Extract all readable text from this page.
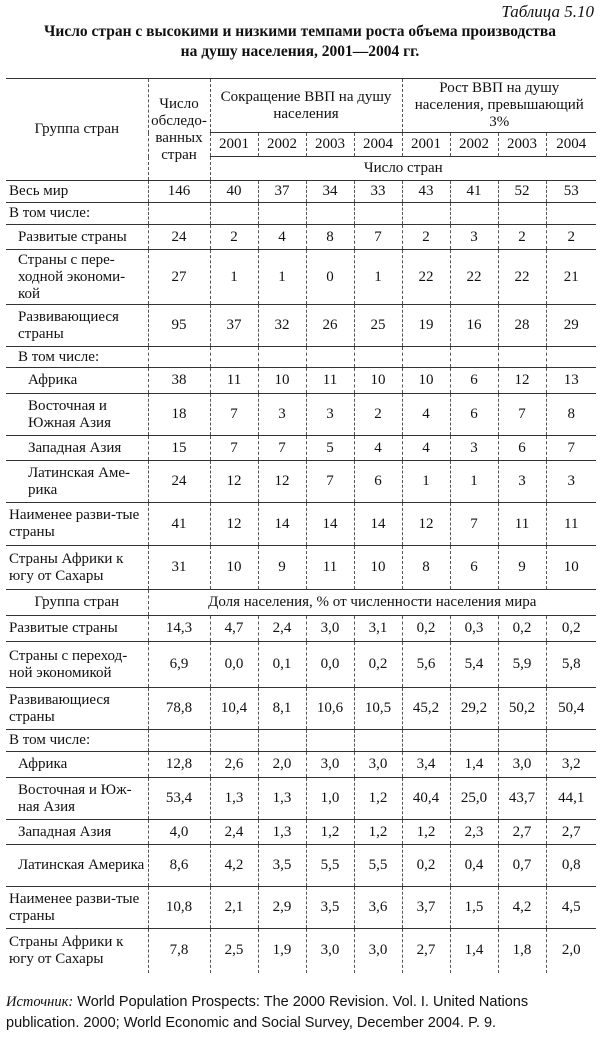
Таблица 5.10
Число стран с высокими и низкими темпами роста объема производства
на душу населения, 2001—2004 гг.
Группа стран	Число обследо-ванных стран	Сокращение ВВП на душу населения				Рост ВВП на душу населения, превышающий 3%			
		2001	2002	2003	2004	2001	2002	2003	2004
		Число стран							
Весь мир	146	40	37	34	33	43	41	52	53
В том числе:									
Развитые страны	24	2	4	8	7	2	3	2	2
Страны с пере-ходной экономи-кой	27	1	1	0	1	22	22	22	21
Развивающиеся страны	95	37	32	26	25	19	16	28	29
В том числе:									
Африка	38	11	10	11	10	10	6	12	13
Восточная и Южная Азия	18	7	3	3	2	4	6	7	8
Западная Азия	15	7	7	5	4	4	3	6	7
Латинская Аме-рика	24	12	12	7	6	1	1	3	3
Наименее разви-тые страны	41	12	14	14	14	12	7	11	11
Страны Африки к югу от Сахары	31	10	9	11	10	8	6	9	10
Группа стран	Доля населения, % от численности населения мира								
Развитые страны	14,3	4,7	2,4	3,0	3,1	0,2	0,3	0,2	0,2
Страны с переход-ной экономикой	6,9	0,0	0,1	0,0	0,2	5,6	5,4	5,9	5,8
Развивающиеся страны	78,8	10,4	8,1	10,6	10,5	45,2	29,2	50,2	50,4
В том числе:									
Африка	12,8	2,6	2,0	3,0	3,0	3,4	1,4	3,0	3,2
Восточная и Юж-ная Азия	53,4	1,3	1,3	1,0	1,2	40,4	25,0	43,7	44,1
Западная Азия	4,0	2,4	1,3	1,2	1,2	1,2	2,3	2,7	2,7
Латинская Америка	8,6	4,2	3,5	5,5	5,5	0,2	0,4	0,7	0,8
Наименее разви-тые страны	10,8	2,1	2,9	3,5	3,6	3,7	1,5	4,2	4,5
Страны Африки к югу от Сахары	7,8	2,5	1,9	3,0	3,0	2,7	1,4	1,8	2,0
Источник: World Population Prospects: The 2000 Revision. Vol. I. United Nations publication. 2000; World Economic and Social Survey, December 2004. P. 9.
